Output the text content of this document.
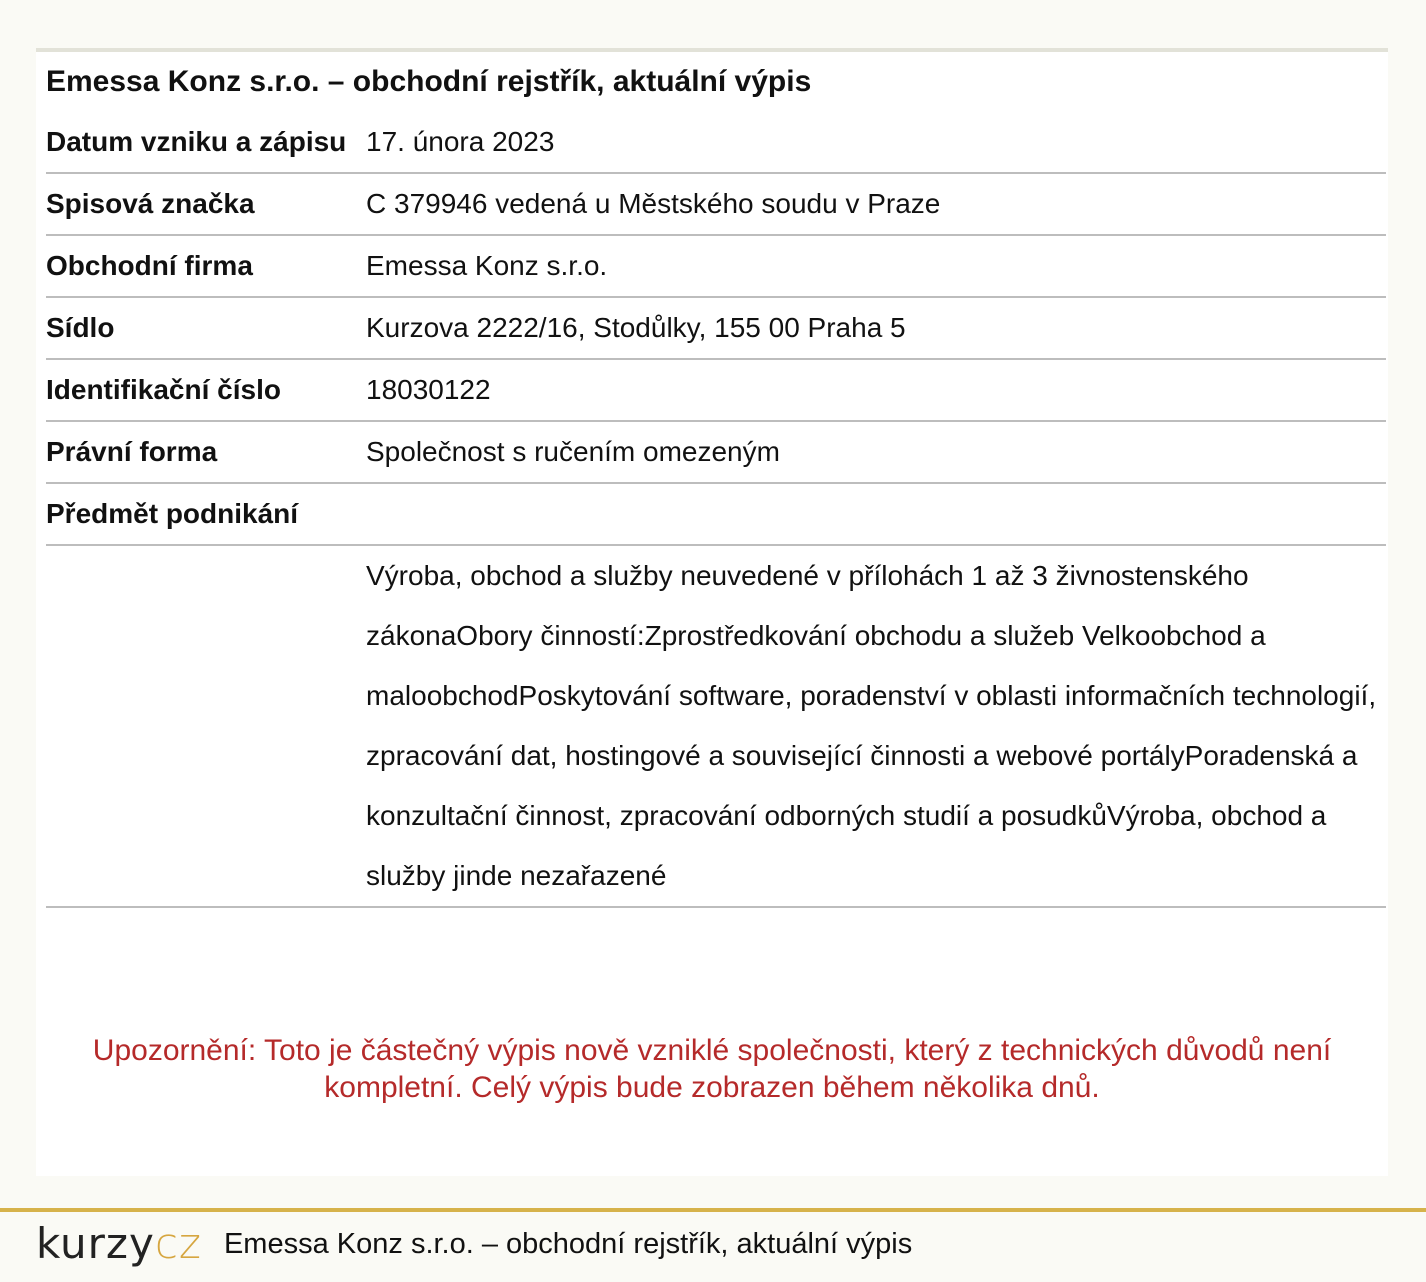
Emessa Konz s.r.o. – obchodní rejstřík, aktuální výpis
Datum vzniku a zápisu	17. února 2023
Spisová značka	C 379946 vedená u Městského soudu v Praze
Obchodní firma	Emessa Konz s.r.o.
Sídlo	Kurzova 2222/16, Stodůlky, 155 00 Praha 5
Identifikační číslo	18030122
Právní forma	Společnost s ručením omezeným
Předmět podnikání	
	Výroba, obchod a služby neuvedené v přílohách 1 až 3 živnostenského zákonaObory činností:Zprostředkování obchodu a služeb Velkoobchod a maloobchodPoskytování software, poradenství v oblasti informačních technologií, zpracování dat, hostingové a související činnosti a webové portályPoradenská a konzultační činnost, zpracování odborných studií a posudkůVýroba, obchod a služby jinde nezařazené
Upozornění: Toto je částečný výpis nově vzniklé společnosti, který z technických důvodů není kompletní. Celý výpis bude zobrazen během několika dnů.
kurzycz Emessa Konz s.r.o. – obchodní rejstřík, aktuální výpis
